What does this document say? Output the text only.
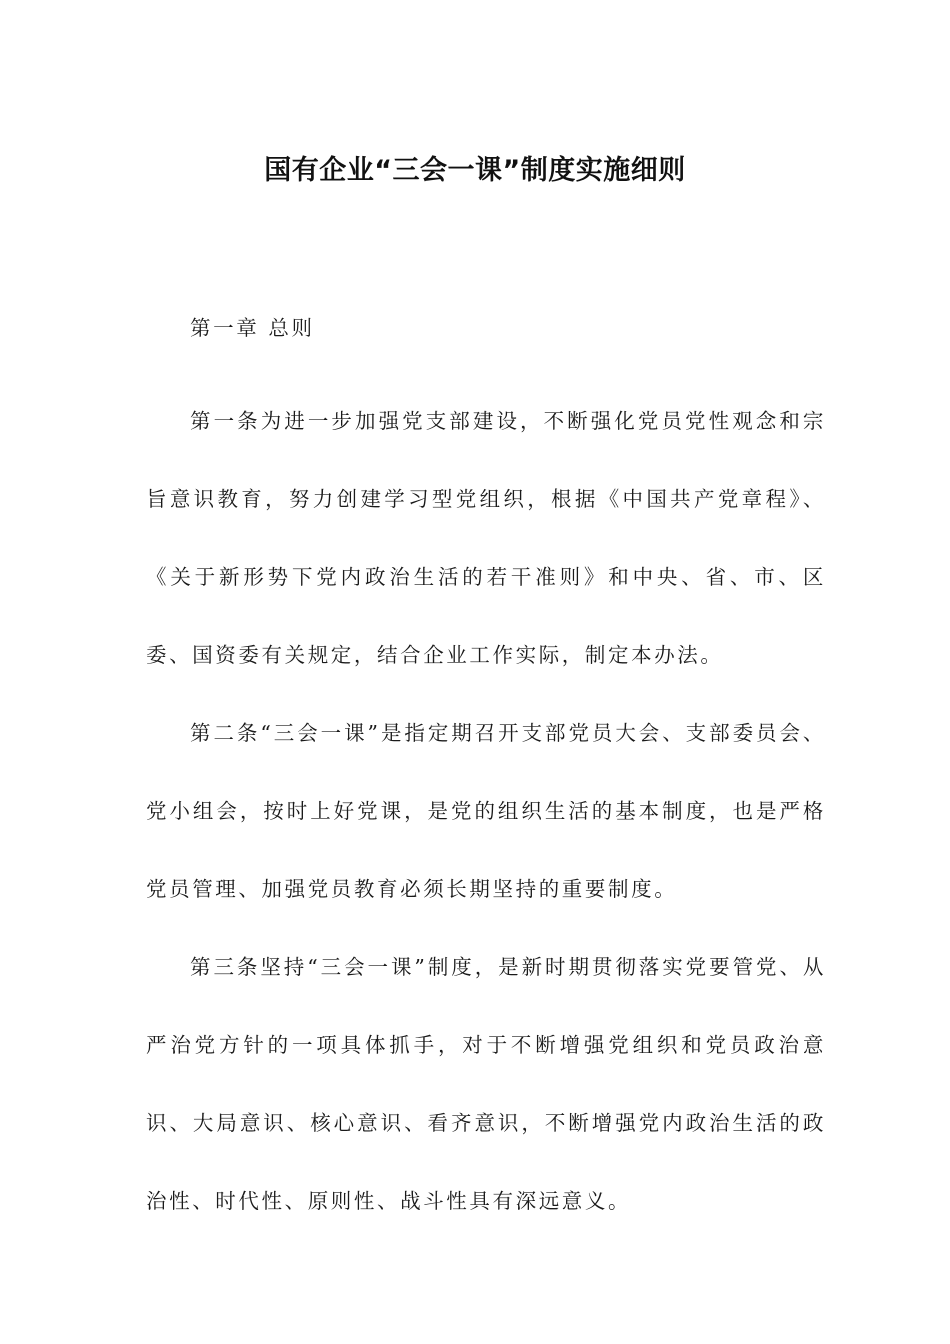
国有企业“三会一课”制度实施细则

第一章 总则

第一条为进一步加强党支部建设，不断强化党员党性观念和宗旨意识教育，努力创建学习型党组织，根据《中国共产党章程》、《关于新形势下党内政治生活的若干准则》和中央、省、市、区委、国资委有关规定，结合企业工作实际，制定本办法。

第二条“三会一课”是指定期召开支部党员大会、支部委员会、党小组会，按时上好党课，是党的组织生活的基本制度，也是严格党员管理、加强党员教育必须长期坚持的重要制度。

第三条坚持“三会一课”制度，是新时期贯彻落实党要管党、从严治党方针的一项具体抓手，对于不断增强党组织和党员政治意识、大局意识、核心意识、看齐意识，不断增强党内政治生活的政治性、时代性、原则性、战斗性具有深远意义。
